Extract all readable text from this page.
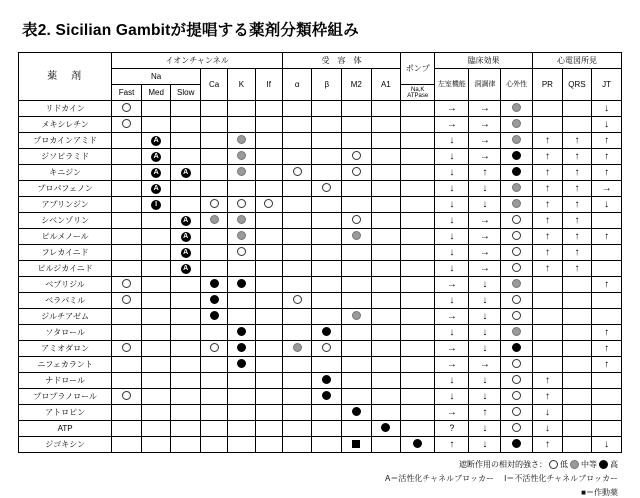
表2. Sicilian Gambitが提唱する薬剤分類枠組み
薬　剤	イオンチャンネル						受　容　体				ポンプ	臨床効果			心電図所見		
	Na			Ca	K	If	α	β	M2	A1		左室機能	洞調律	心外性	PR	QRS	JT
	Fast	Med	Slow								Na,K ATPase						
リドカイン												→	→				↓
メキシレチン												→	→				↓
プロカインアミド		A										↓	→		↑	↑	↑
ジソピラミド		A										↓	→		↑	↑	↑
キニジン		A	A									↓	↑		↑	↑	↑
プロパフェノン		A										↓	↓		↑	↑	→
アプリンジン		I										↓	↓		↑	↑	↓
シベンゾリン			A									↓	→		↑	↑	
ピルメノール			A									↓	→		↑	↑	↑
フレカイニド			A									↓	→		↑	↑	
ピルジカイニド			A									↓	→		↑	↑	
ベプリジル												→	↓				↑
ベラパミル												↓	↓				
ジルチアゼム												→	↓				
ソタロール												↓	↓				↑
アミオダロン												→	↓				↑
ニフェカラント												→	→				↑
ナドロール												↓	↓		↑		
プロプラノロール												↓	↓		↑		
アトロピン												→	↑		↓		
ATP												?	↓		↓		
ジゴキシン												↑	↓		↑		↓
遮断作用の相対的強さ： 低 中等 高
A＝活性化チャネルブロッカー　 I＝不活性化チャネルブロッカー
■＝作動薬
